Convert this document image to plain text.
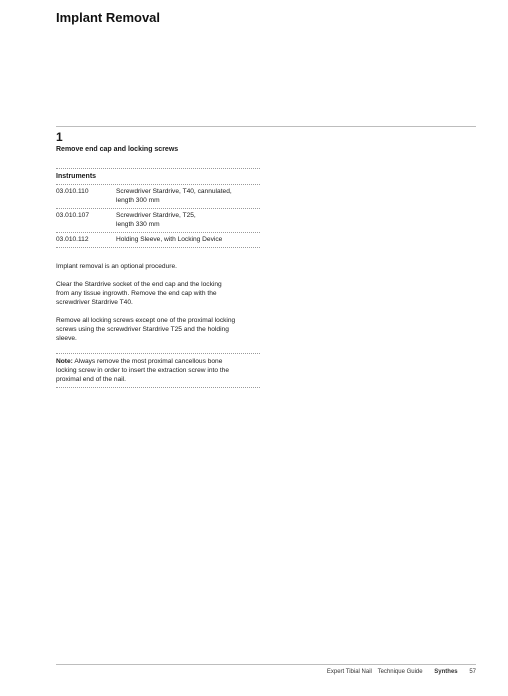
Implant Removal
1
Remove end cap and locking screws
Instruments
03.010.110	Screwdriver Stardrive, T40, cannulated,
length 300 mm
03.010.107	Screwdriver Stardrive, T25,
length 330 mm
03.010.112	Holding Sleeve, with Locking Device

Implant removal is an optional procedure.

Clear the Stardrive socket of the end cap and the locking
from any tissue ingrowth. Remove the end cap with the
screwdriver Stardrive T40.

Remove all locking screws except one of the proximal locking
screws using the screwdriver Stardrive T25 and the holding
sleeve.

Note: Always remove the most proximal cancellous bone
locking screw in order to insert the extraction screw into the
proximal end of the nail.

Expert Tibial Nail Technique Guide Synthes 57
